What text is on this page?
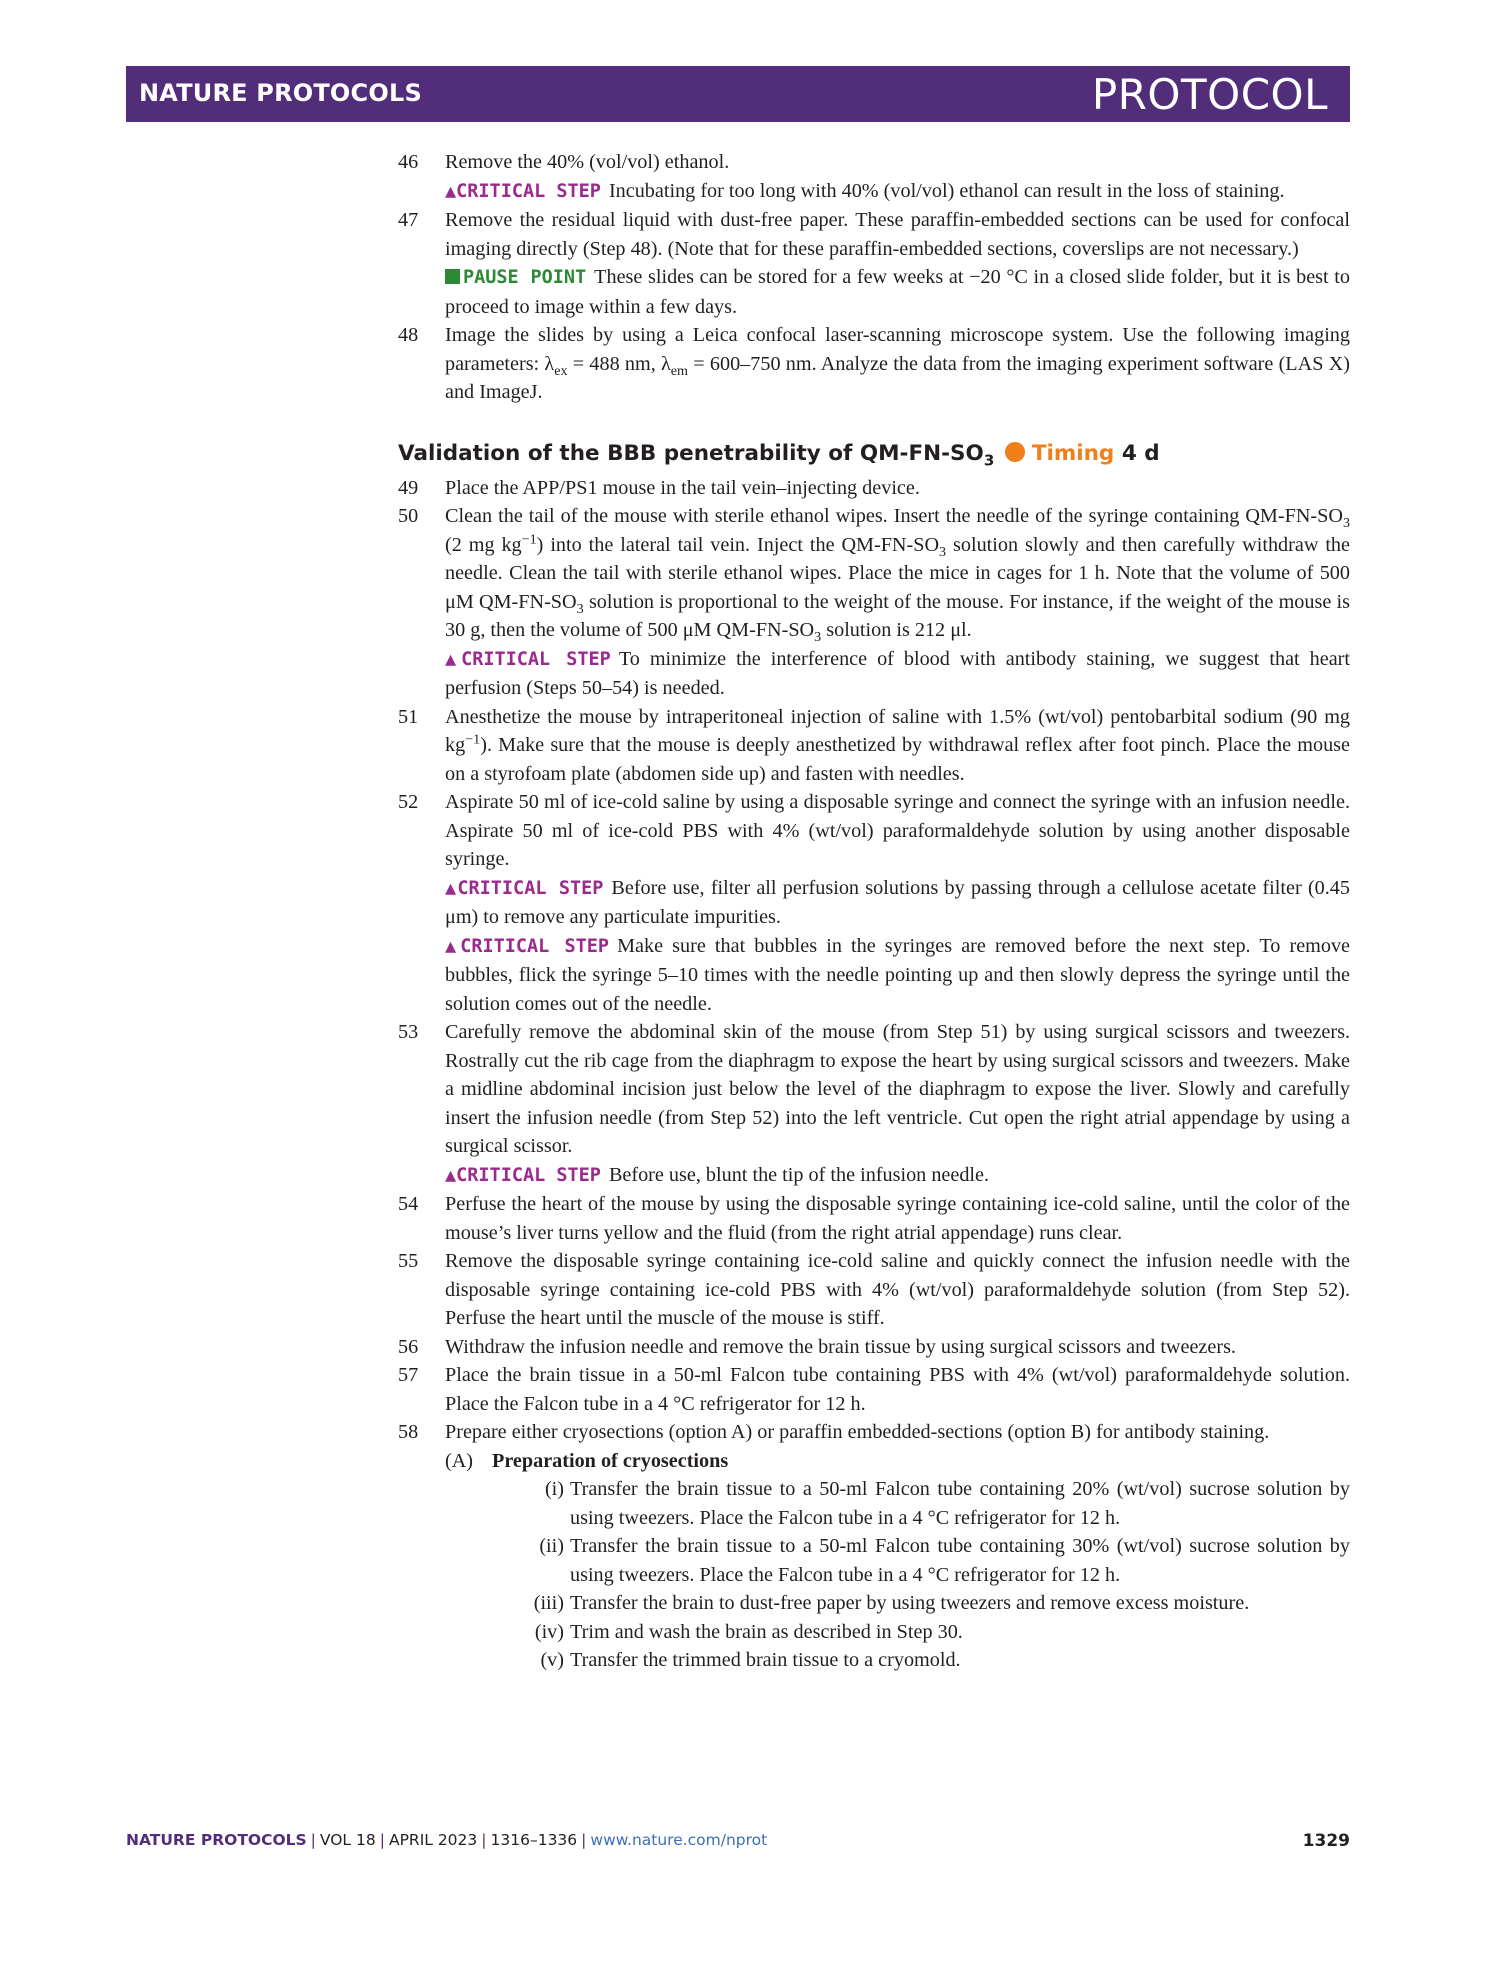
NATURE PROTOCOLS	PROTOCOL
46 Remove the 40% (vol/vol) ethanol.
▲CRITICAL STEP Incubating for too long with 40% (vol/vol) ethanol can result in the loss of staining.
47 Remove the residual liquid with dust-free paper. These paraffin-embedded sections can be used for confocal imaging directly (Step 48). (Note that for these paraffin-embedded sections, coverslips are not necessary.)
PAUSE POINT These slides can be stored for a few weeks at −20 °C in a closed slide folder, but it is best to proceed to image within a few days.
48 Image the slides by using a Leica confocal laser-scanning microscope system. Use the following imaging parameters: $\lambda_{ex} = 488$ nm, $\lambda_{em} = 600-750$ nm. Analyze the data from the imaging experiment software (LAS X) and ImageJ.
Validation of the BBB penetrability of $QM-FN-SO_3$ Timing 4 d
49 Place the APP/PS1 mouse in the tail vein–injecting device.
50 Clean the tail of the mouse with sterile ethanol wipes. Insert the needle of the syringe containing $QM-FN-SO_3$ (2 mg $kg^{-1}$) into the lateral tail vein. Inject the $QM-FN-SO_3$ solution slowly and then carefully withdraw the needle. Clean the tail with sterile ethanol wipes. Place the mice in cages for 1 h. Note that the volume of 500 μM $QM-FN-SO_3$ solution is proportional to the weight of the mouse. For instance, if the weight of the mouse is 30 g, then the volume of 500 μM $QM-FN-SO_3$ solution is 212 μl.
▲CRITICAL STEP To minimize the interference of blood with antibody staining, we suggest that heart perfusion (Steps 50–54) is needed.
51 Anesthetize the mouse by intraperitoneal injection of saline with 1.5% (wt/vol) pentobarbital sodium (90 mg $kg^{-1}$). Make sure that the mouse is deeply anesthetized by withdrawal reflex after foot pinch. Place the mouse on a styrofoam plate (abdomen side up) and fasten with needles.
52 Aspirate 50 ml of ice-cold saline by using a disposable syringe and connect the syringe with an infusion needle. Aspirate 50 ml of ice-cold PBS with 4% (wt/vol) paraformaldehyde solution by using another disposable syringe.
▲CRITICAL STEP Before use, filter all perfusion solutions by passing through a cellulose acetate filter (0.45 μm) to remove any particulate impurities.
▲CRITICAL STEP Make sure that bubbles in the syringes are removed before the next step. To remove bubbles, flick the syringe 5–10 times with the needle pointing up and then slowly depress the syringe until the solution comes out of the needle.
53 Carefully remove the abdominal skin of the mouse (from Step 51) by using surgical scissors and tweezers. Rostrally cut the rib cage from the diaphragm to expose the heart by using surgical scissors and tweezers. Make a midline abdominal incision just below the level of the diaphragm to expose the liver. Slowly and carefully insert the infusion needle (from Step 52) into the left ventricle. Cut open the right atrial appendage by using a surgical scissor.
▲CRITICAL STEP Before use, blunt the tip of the infusion needle.
54 Perfuse the heart of the mouse by using the disposable syringe containing ice-cold saline, until the color of the mouse’s liver turns yellow and the fluid (from the right atrial appendage) runs clear.
55 Remove the disposable syringe containing ice-cold saline and quickly connect the infusion needle with the disposable syringe containing ice-cold PBS with 4% (wt/vol) paraformaldehyde solution (from Step 52). Perfuse the heart until the muscle of the mouse is stiff.
56 Withdraw the infusion needle and remove the brain tissue by using surgical scissors and tweezers.
57 Place the brain tissue in a 50-ml Falcon tube containing PBS with 4% (wt/vol) paraformaldehyde solution. Place the Falcon tube in a 4 °C refrigerator for 12 h.
58 Prepare either cryosections (option A) or paraffin embedded-sections (option B) for antibody staining.
(A) Preparation of cryosections
(i) Transfer the brain tissue to a 50-ml Falcon tube containing 20% (wt/vol) sucrose solution by using tweezers. Place the Falcon tube in a 4 °C refrigerator for 12 h.
(ii) Transfer the brain tissue to a 50-ml Falcon tube containing 30% (wt/vol) sucrose solution by using tweezers. Place the Falcon tube in a 4 °C refrigerator for 12 h.
(iii) Transfer the brain to dust-free paper by using tweezers and remove excess moisture.
(iv) Trim and wash the brain as described in Step 30.
(v) Transfer the trimmed brain tissue to a cryomold.
NATURE PROTOCOLS | VOL 18 | APRIL 2023 | 1316–1336 | www.nature.com/nprot	1329
